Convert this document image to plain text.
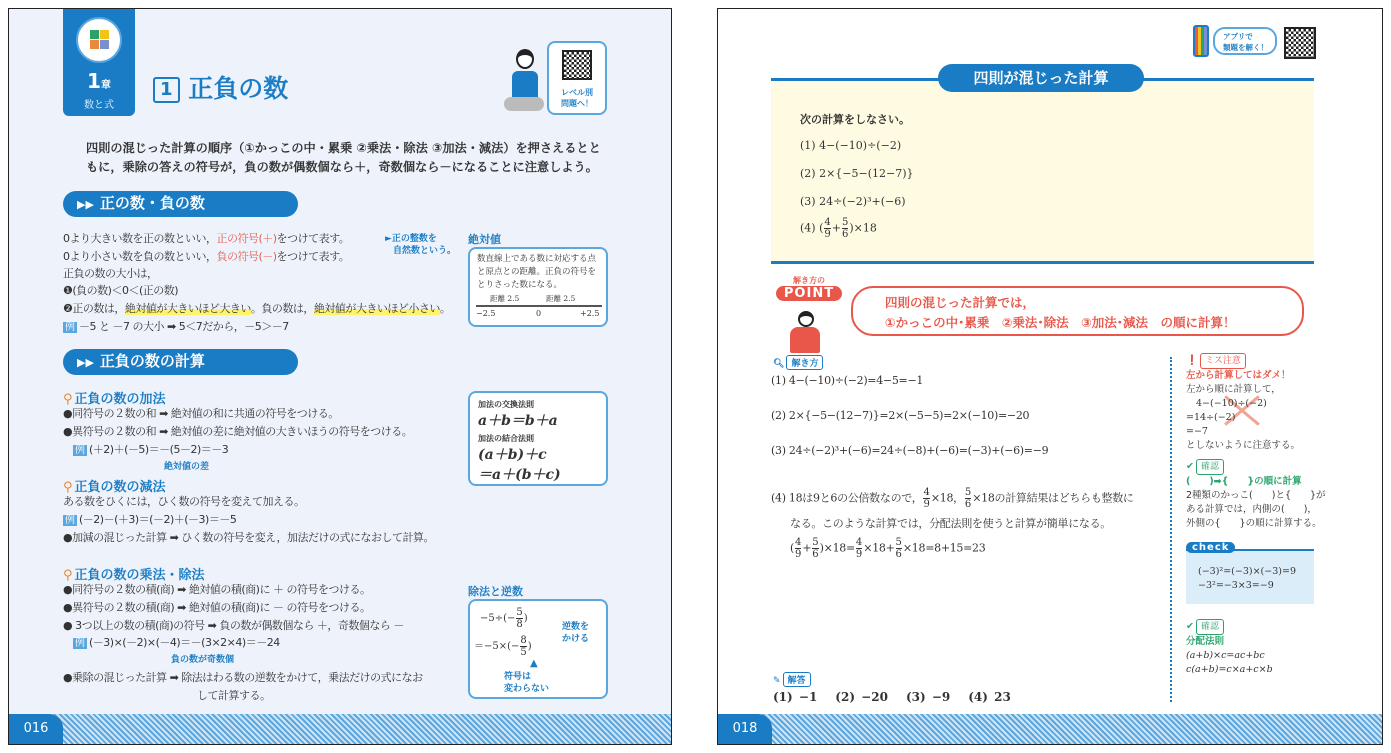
1章
数と式
1 正負の数	レベル別
問題へ！
四則の混じった計算の順序（①かっこの中・累乗 ②乗法・除法 ③加法・減法）を押さえるとと
もに，乗除の答えの符号が，負の数が偶数個なら＋，奇数個なら－になることに注意しよう。
▶▶ 正の数・負の数
0より大きい数を正の数といい，正の符号(＋)をつけて表す。	►正の整数を
自然数という。
0より小さい数を負の数といい，負の符号(－)をつけて表す。
正負の数の大小は，
❶(負の数)＜0＜(正の数)
❷正の数は，絶対値が大きいほど大きい。負の数は，絶対値が大きいほど小さい。
例 －5 と －7 の大小 ➡ 5＜7だから，－5＞－7
絶対値
数直線上である数に対応する点と原点との距離。正負の符号をとりさった数になる。
距離 2.5	距離 2.5
−2.5	0	+2.5
▶▶ 正負の数の計算
⚲ 正負の数の加法
●同符号の２数の和 ➡ 絶対値の和に共通の符号をつける。
●異符号の２数の和 ➡ 絶対値の差に絶対値の大きいほうの符号をつける。
例 (＋2)＋(－5)＝－(5－2)＝－3
絶対値の差
⚲ 正負の数の減法
ある数をひくには，ひく数の符号を変えて加える。
例 (－2)－(＋3)＝(－2)＋(－3)＝－5
●加減の混じった計算 ➡ ひく数の符号を変え，加法だけの式になおして計算。
⚲ 正負の数の乗法・除法
●同符号の２数の積(商) ➡ 絶対値の積(商)に ＋ の符号をつける。
●異符号の２数の積(商) ➡ 絶対値の積(商)に － の符号をつける。
● 3つ以上の数の積(商)の符号 ➡ 負の数が偶数個なら ＋，奇数個なら －
例 (－3)×(－2)×(－4)＝－(3×2×4)＝－24
負の数が奇数個
●乗除の混じった計算 ➡ 除法はわる数の逆数をかけて，乗法だけの式になお
して計算する。
加法の交換法則
a＋b＝b＋a
加法の結合法則
(a＋b)＋c
＝a＋(b＋c)
除法と逆数
$-5\div(- \frac{5}{8}$ )
$=-5\times(- \frac{8}{5}$ )
逆数を
かける
▲
符号は
変わらない
016
アプリで
類題を解く！
四則が混じった計算
次の計算をしなさい。
(1) 4−(−10)÷(−2)
(2) 2×{−5−(12−7)}
(3) 24÷(−2)³+(−6)
(4) ( $\frac{4}{9} + \frac{5}{6} )\times 18$
解き方の
POINT
四則の混じった計算では，
①かっこの中･累乗　②乗法･除法　③加法･減法　の順に計算！
🔍︎ 解き方
(1) 4−(−10)÷(−2)=4−5=−1
(2) 2×{−5−(12−7)}=2×(−5−5)=2×(−10)=−20
(3) 24÷(−2)³+(−6)=24÷(−8)+(−6)=(−3)+(−6)=−9
(4) 18は9と6の公倍数なので， $\frac{4}{9} \times 18$， $\frac{5}{6} \times 18$の計算結果はどちらも整数に
なる。このような計算では，分配法則を使うと計算が簡単になる。
( $\frac{4}{9} + \frac{5}{6} )\times 18= \frac{4}{9} \times 18+ \frac{5}{6} \times 18=8+15=23$
❗ ミス注意
左から計算してはダメ！
左から順に計算して，
4−(−10)÷(−2)
=14÷(−2)
=−7
としないように注意する。
✔ 確認
(　　)➡{　　}の順に計算
2種類のかっこ(　　)と{　　}がある計算では，内側の(　　)，外側の{　　}の順に計算する。
check
(−3)²=(−3)×(−3)=9
−3²=−3×3=−9
✔ 確認
分配法則
(a+b)×c=ac+bc
c(a+b)=c×a+c×b
✎ 解答
(1) −1 (2) −20 (3) −9 (4) 23
018
